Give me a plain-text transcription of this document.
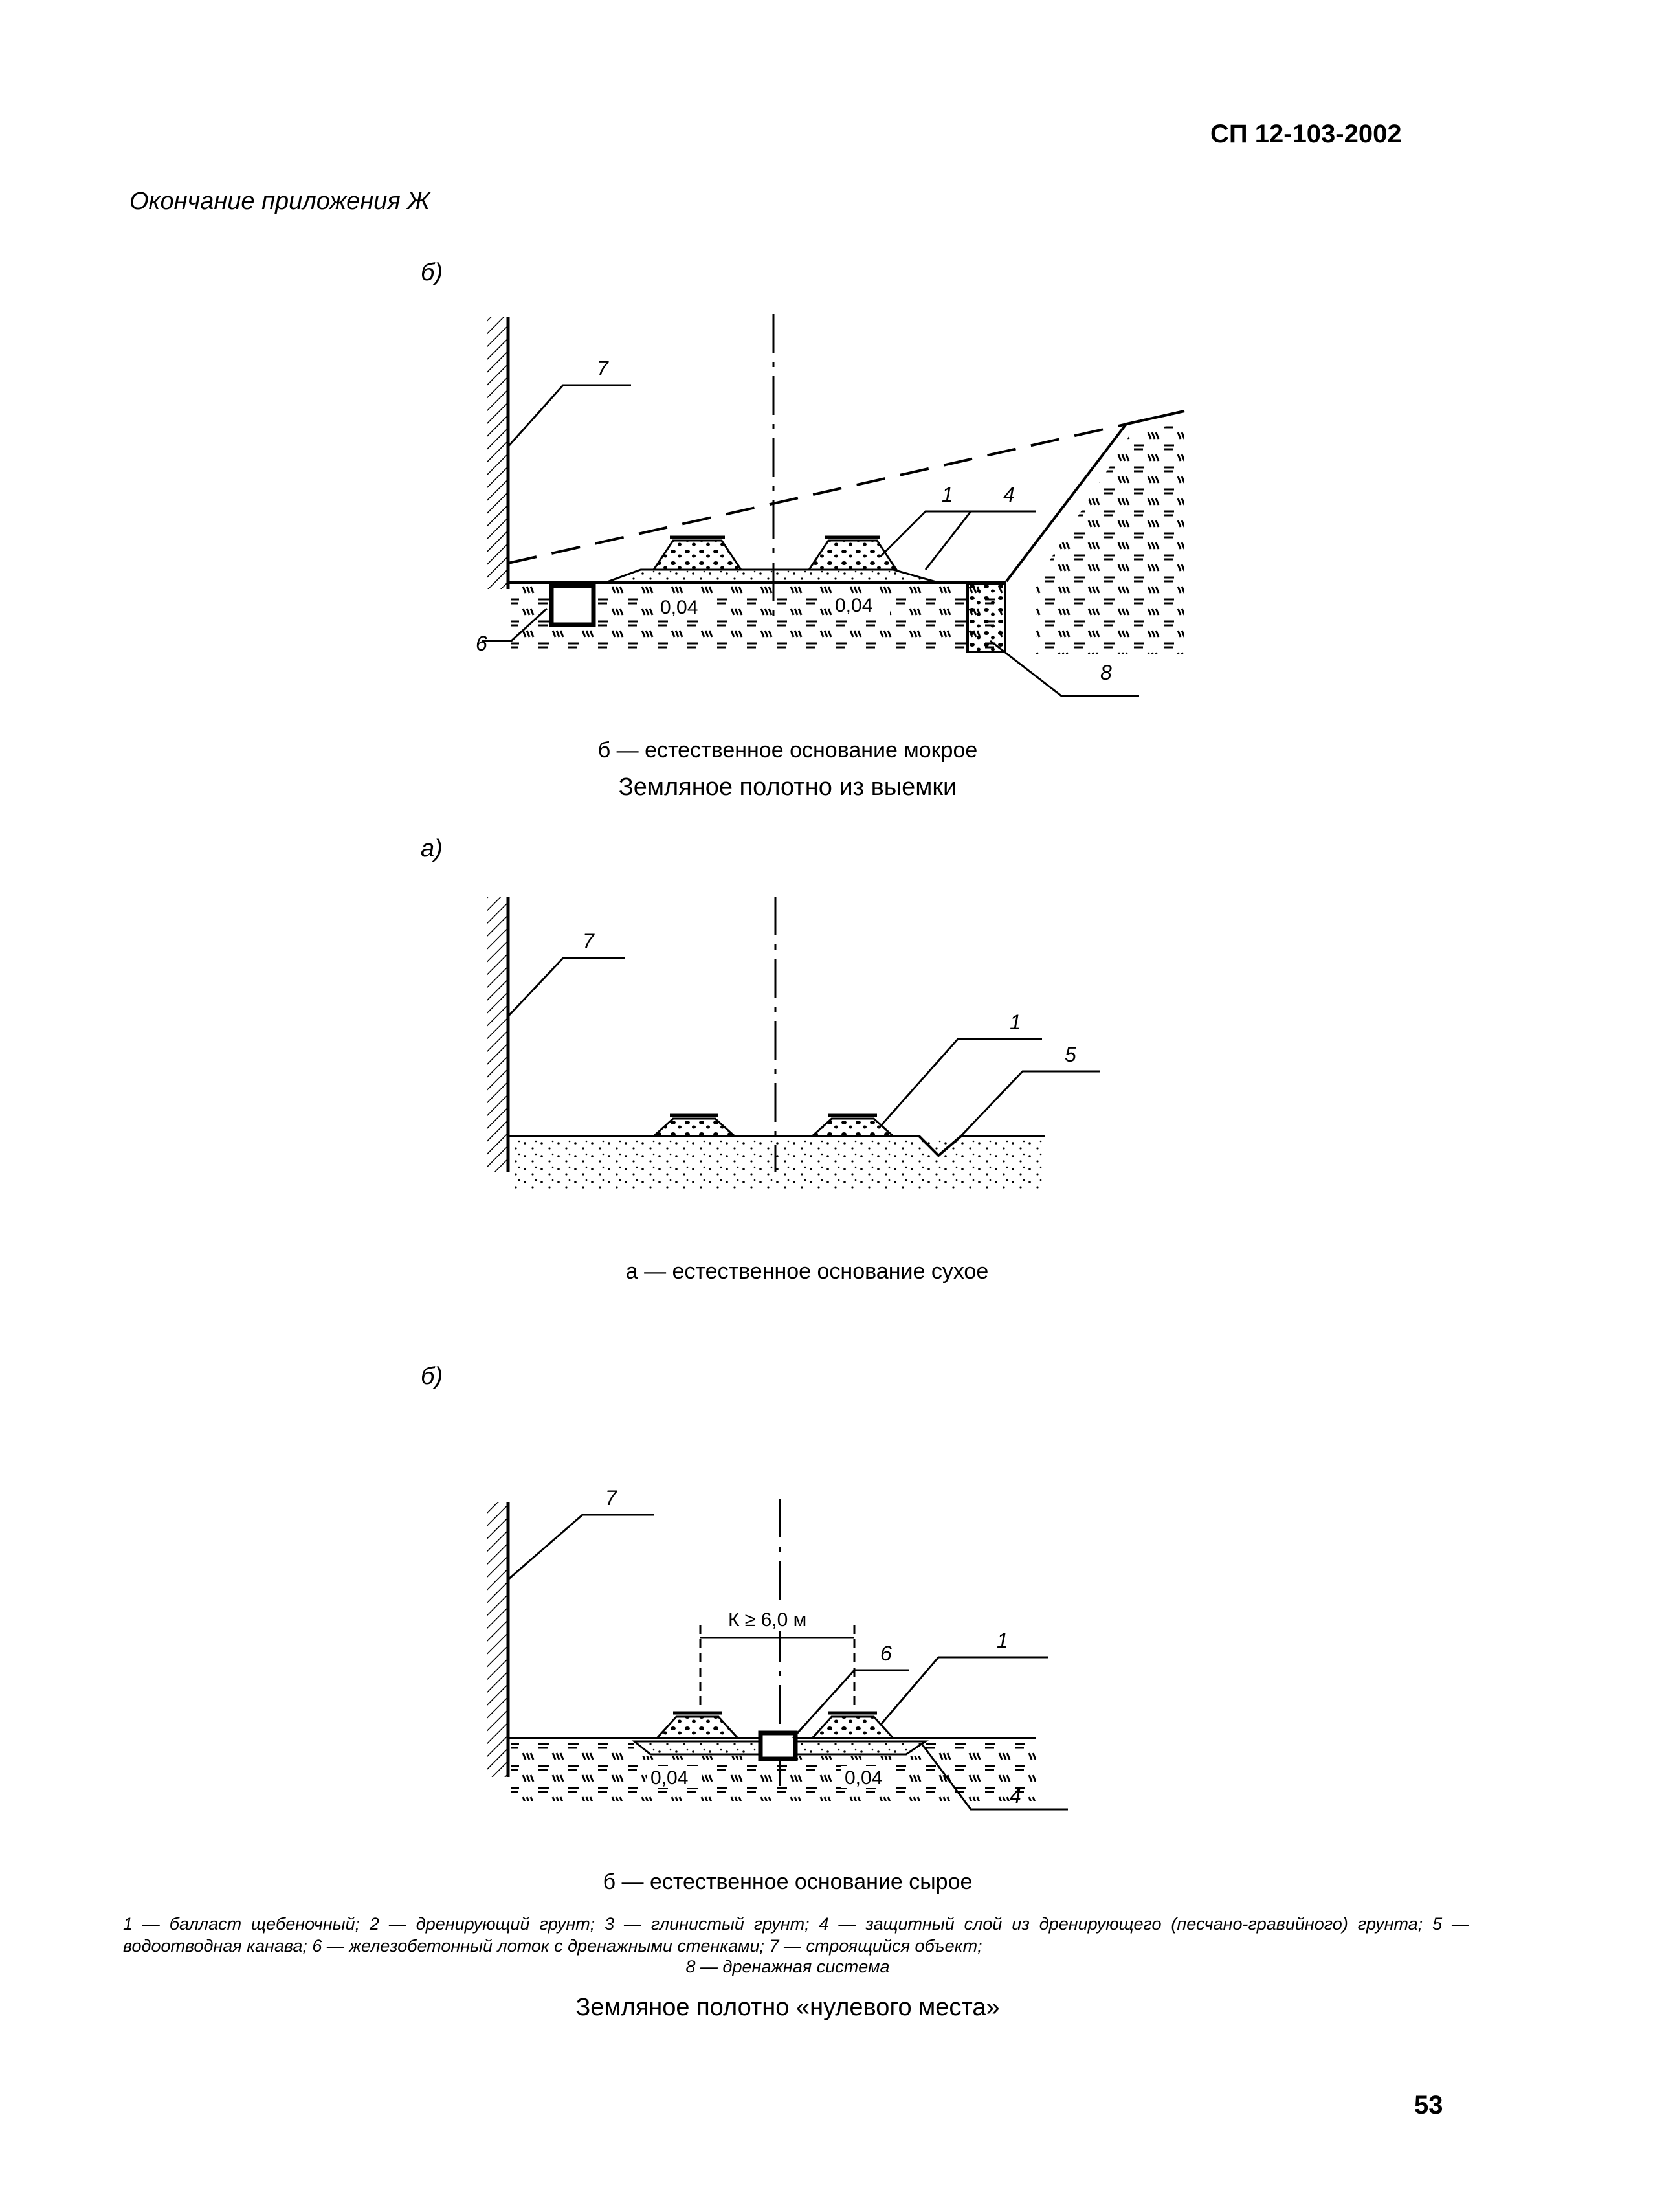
СП 12-103-2002
Окончание приложения Ж
б)
7
6
8
1 4
0,04	0,04
б — естественное основание мокрое
Земляное полотно из выемки
а)
7
1
5
а — естественное основание сухое
б)
7
К ≥ 6,0 м
6
1
4
0,04	0,04
б — естественное основание сырое
1 — балласт щебеночный; 2 — дренирующий грунт; 3 — глинистый грунт; 4 — защитный слой из дренирующего (песчано-гравийного) грунта; 5 — водоотводная канава; 6 — железобетонный лоток с дренажными стенками; 7 — строящийся объект;
8 — дренажная система
Земляное полотно «нулевого места»
53
